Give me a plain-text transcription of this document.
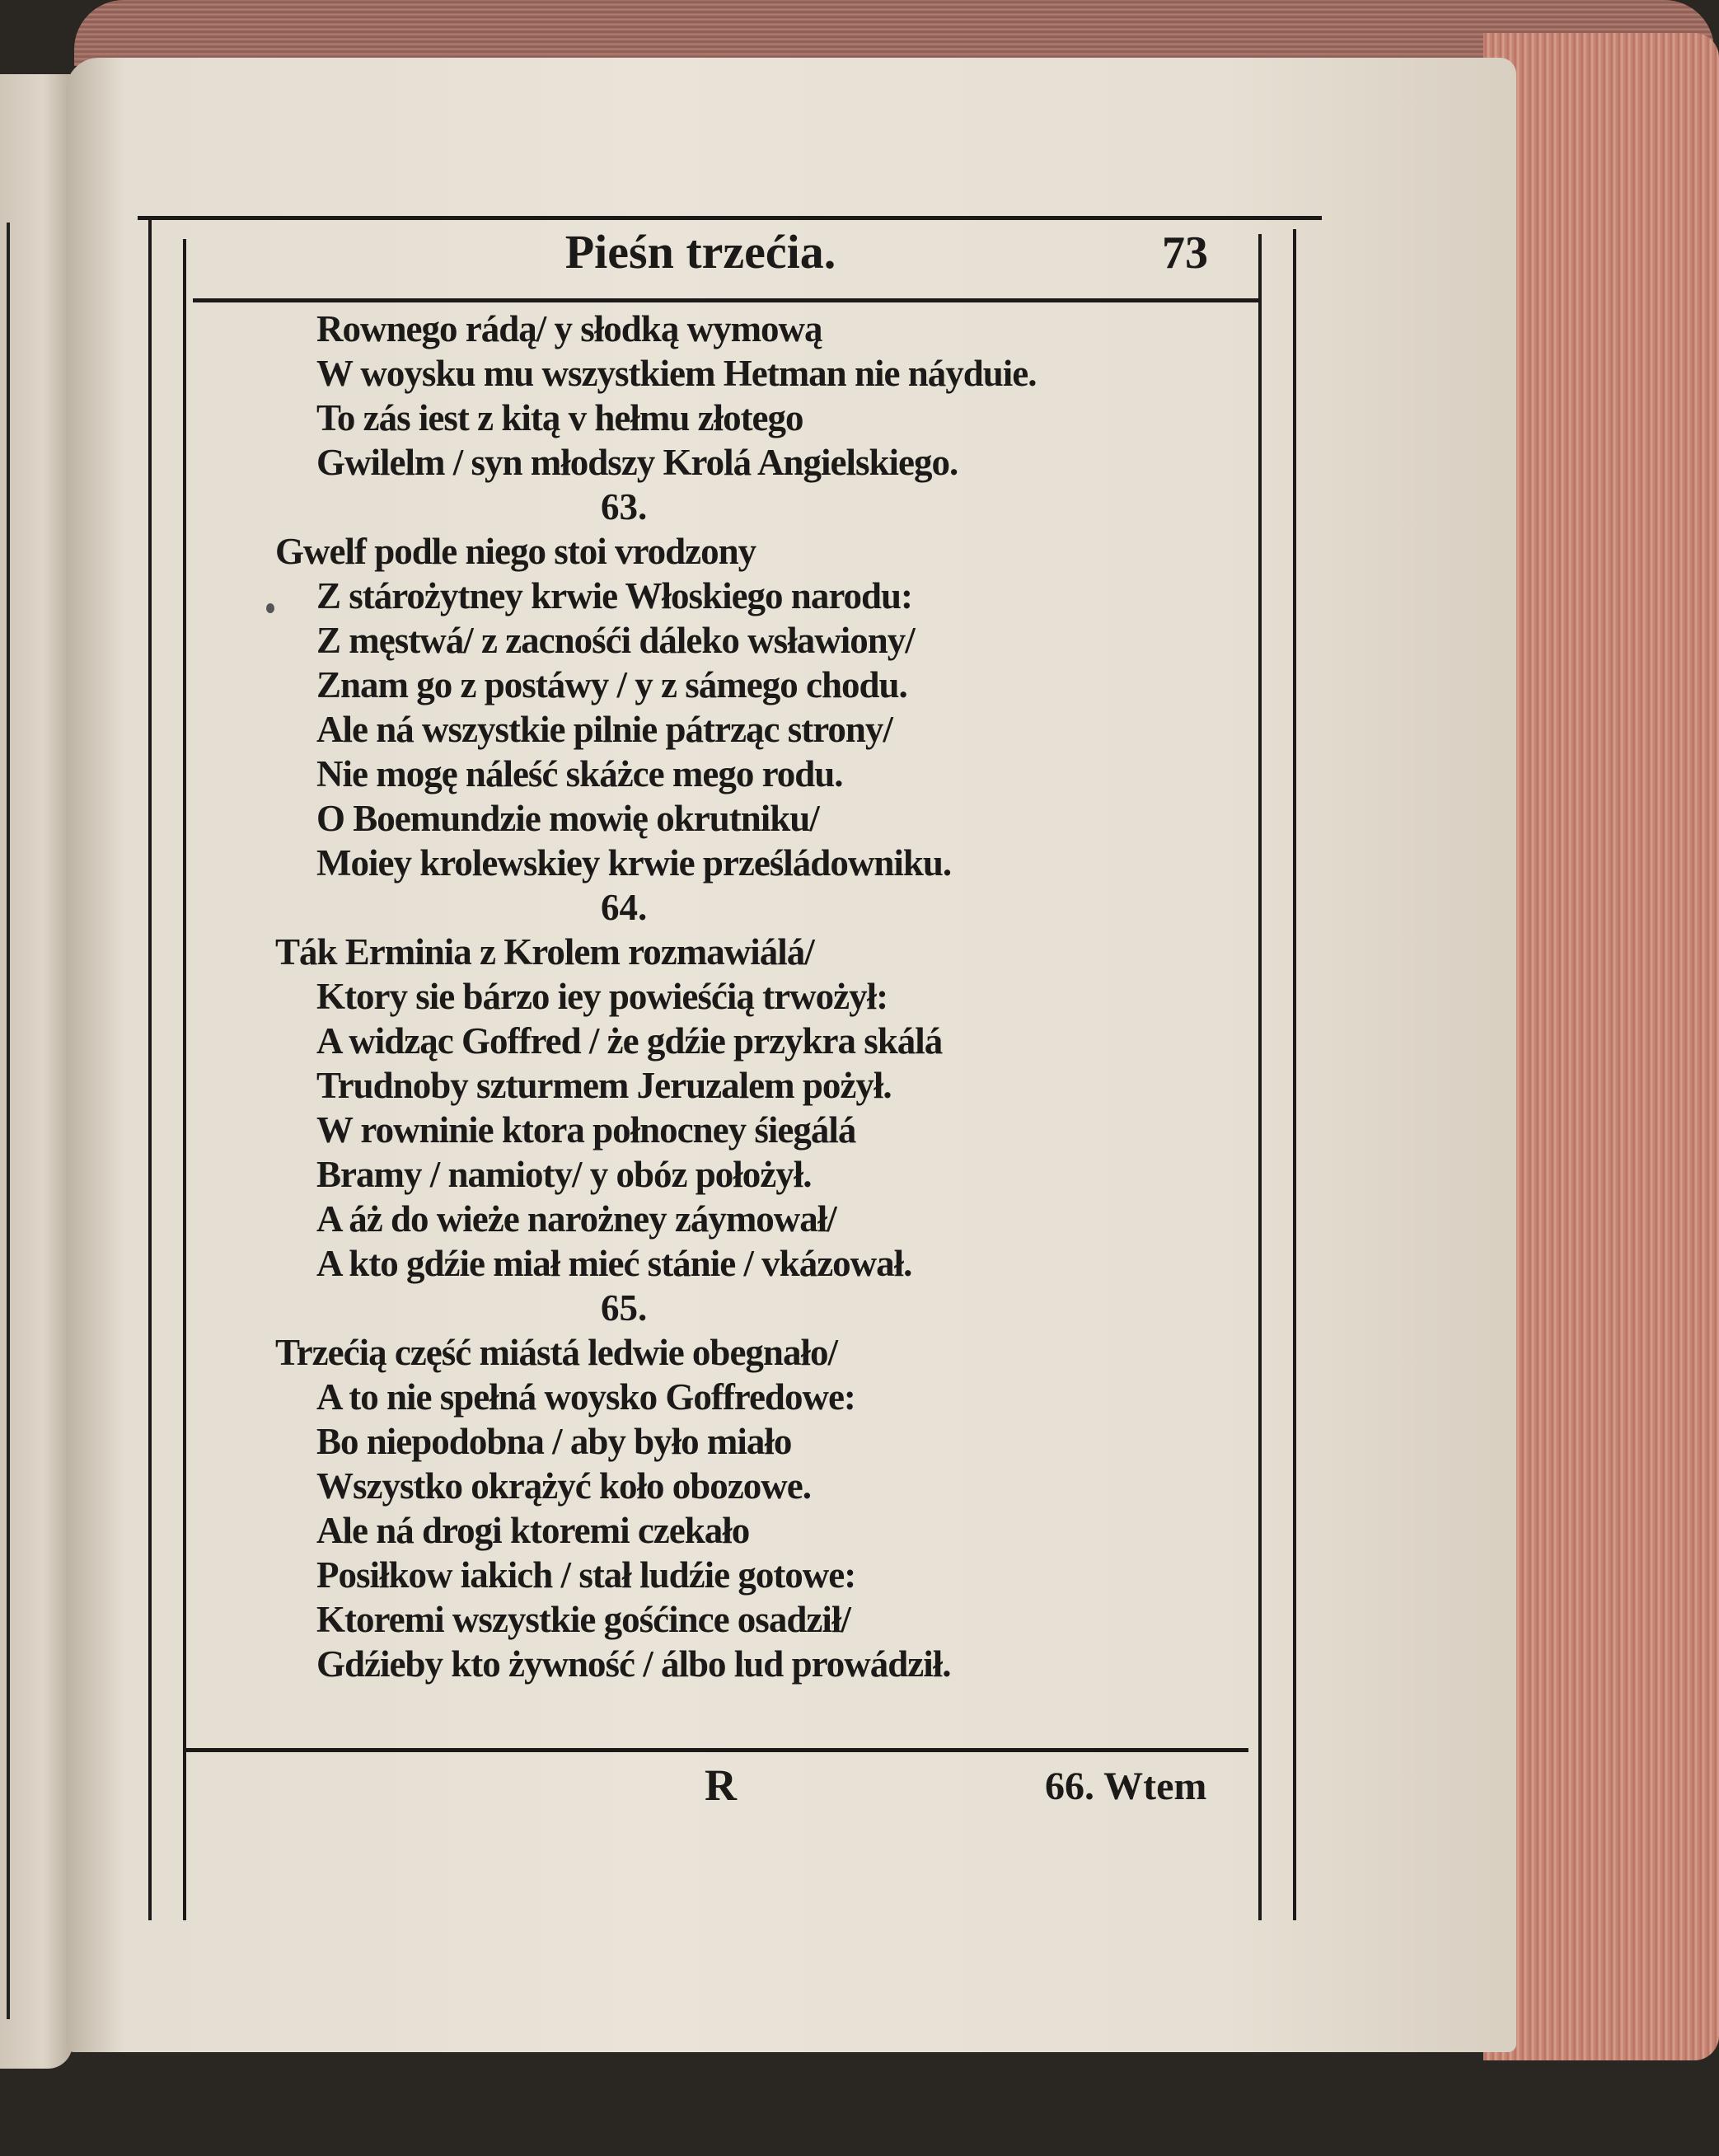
Pieśn trzećia.	73
Rownego rádą/ y słodką wymową
W woysku mu wszystkiem Hetman nie náyduie.
To zás iest z kitą v hełmu złotego
Gwilelm / syn młodszy Krolá Angielskiego.
63.
Gwelf podle niego stoi vrodzony
Z stárożytney krwie Włoskiego narodu:
Z męstwá/ z zacnośći dáleko wsławiony/
Znam go z postáwy / y z sámego chodu.
Ale ná wszystkie pilnie pátrząc strony/
Nie mogę náleść skáżce mego rodu.
O Boemundzie mowię okrutniku/
Moiey krolewskiey krwie prześládowniku.
64.
Ták Erminia z Krolem rozmawiálá/
Ktory sie bárzo iey powieśćią trwożył:
A widząc Goffred / że gdźie przykra skálá
Trudnoby szturmem Jeruzalem pożył.
W rowninie ktora połnocney śiegálá
Bramy / namioty/ y obóz położył.
A áż do wieże narożney záymował/
A kto gdźie miał mieć stánie / vkázował.
65.
Trzećią część miástá ledwie obegnało/
A to nie spełná woysko Goffredowe:
Bo niepodobna / aby było miało
Wszystko okrążyć koło obozowe.
Ale ná drogi ktoremi czekało
Posiłkow iakich / stał ludźie gotowe:
Ktoremi wszystkie gośćince osadził/
Gdźieby kto żywność / álbo lud prowádził.
R	66. Wtem
